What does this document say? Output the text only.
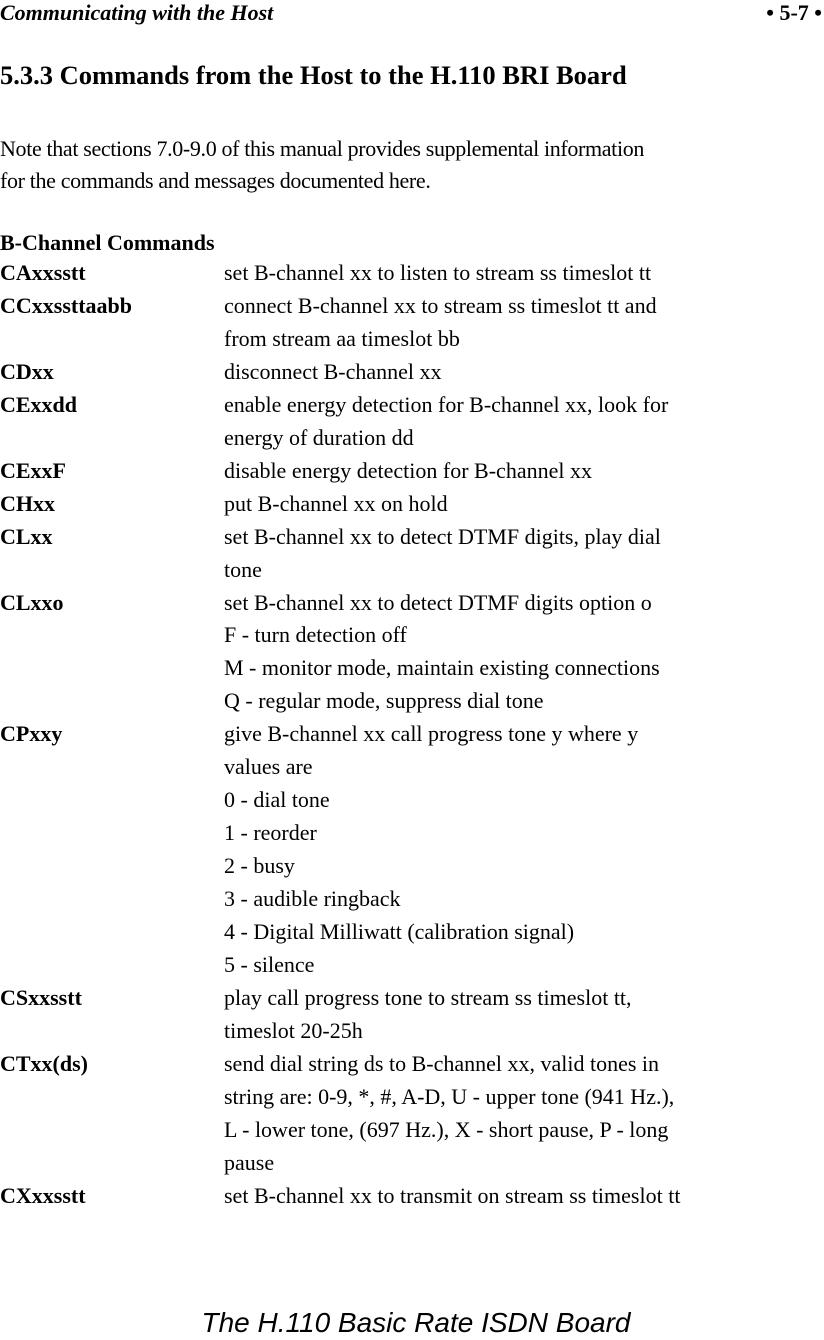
Communicating with the Host	• 5-7 •
5.3.3 Commands from the Host to the H.110 BRI Board
Note that sections 7.0-9.0 of this manual provides supplemental information
for the commands and messages documented here.
B-Channel Commands
CAxxsstt	set B-channel xx to listen to stream ss timeslot tt
CCxxssttaabb	connect B-channel xx to stream ss timeslot tt and
from stream aa timeslot bb
CDxx	disconnect B-channel xx
CExxdd	enable energy detection for B-channel xx, look for
energy of duration dd
CExxF	disable energy detection for B-channel xx
CHxx	put B-channel xx on hold
CLxx	set B-channel xx to detect DTMF digits, play dial
tone
CLxxo	set B-channel xx to detect DTMF digits option o
F - turn detection off
M - monitor mode, maintain existing connections
Q - regular mode, suppress dial tone
CPxxy	give B-channel xx call progress tone y where y
values are
0 - dial tone
1 - reorder
2 - busy
3 - audible ringback
4 - Digital Milliwatt (calibration signal)
5 - silence
CSxxsstt	play call progress tone to stream ss timeslot tt,
timeslot 20-25h
CTxx(ds)	send dial string ds to B-channel xx, valid tones in
string are: 0-9, *, #, A-D, U - upper tone (941 Hz.),
L - lower tone, (697 Hz.), X - short pause, P - long
pause
CXxxsstt	set B-channel xx to transmit on stream ss timeslot tt
The H.110 Basic Rate ISDN Board
